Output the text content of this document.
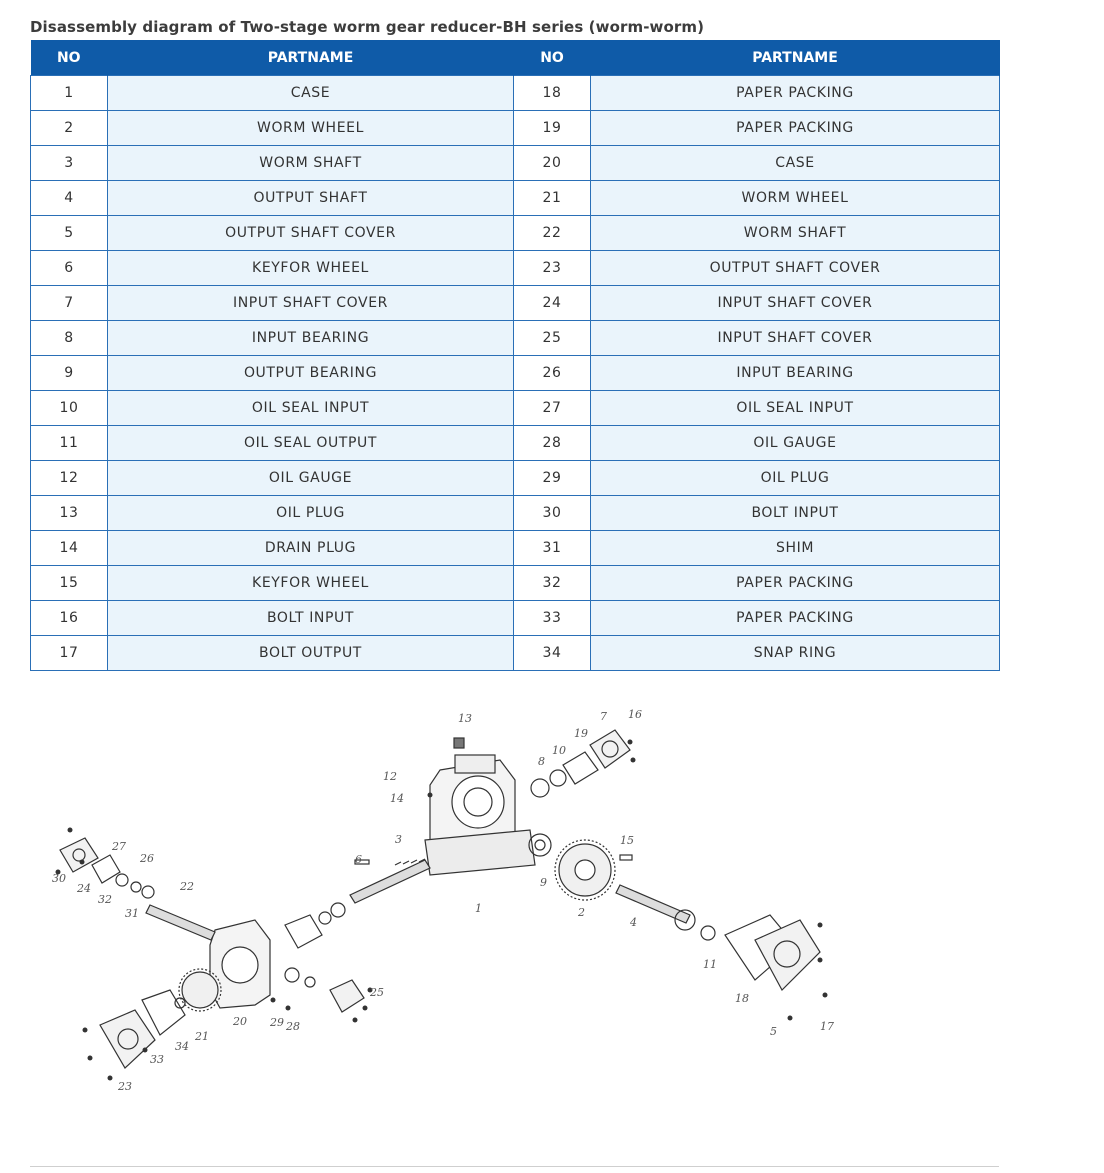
Disassembly diagram of Two-stage worm gear reducer-BH series (worm-worm)
NO	PARTNAME	NO	PARTNAME
1	CASE	18	PAPER PACKING
2	WORM WHEEL	19	PAPER PACKING
3	WORM SHAFT	20	CASE
4	OUTPUT SHAFT	21	WORM WHEEL
5	OUTPUT SHAFT COVER	22	WORM SHAFT
6	KEYFOR WHEEL	23	OUTPUT SHAFT COVER
7	INPUT SHAFT COVER	24	INPUT SHAFT COVER
8	INPUT BEARING	25	INPUT SHAFT COVER
9	OUTPUT BEARING	26	INPUT BEARING
10	OIL SEAL INPUT	27	OIL SEAL INPUT
11	OIL SEAL OUTPUT	28	OIL GAUGE
12	OIL GAUGE	29	OIL PLUG
13	OIL PLUG	30	BOLT INPUT
14	DRAIN PLUG	31	SHIM
15	KEYFOR WHEEL	32	PAPER PACKING
16	BOLT INPUT	33	PAPER PACKING
17	BOLT OUTPUT	34	SNAP RING
1	2
3
4
5
6
7
8
9
10
11
12
13
14
15
16
17
18
19
20
21
22
23
24
25
26
27
28
29
30
31
32
33
34
